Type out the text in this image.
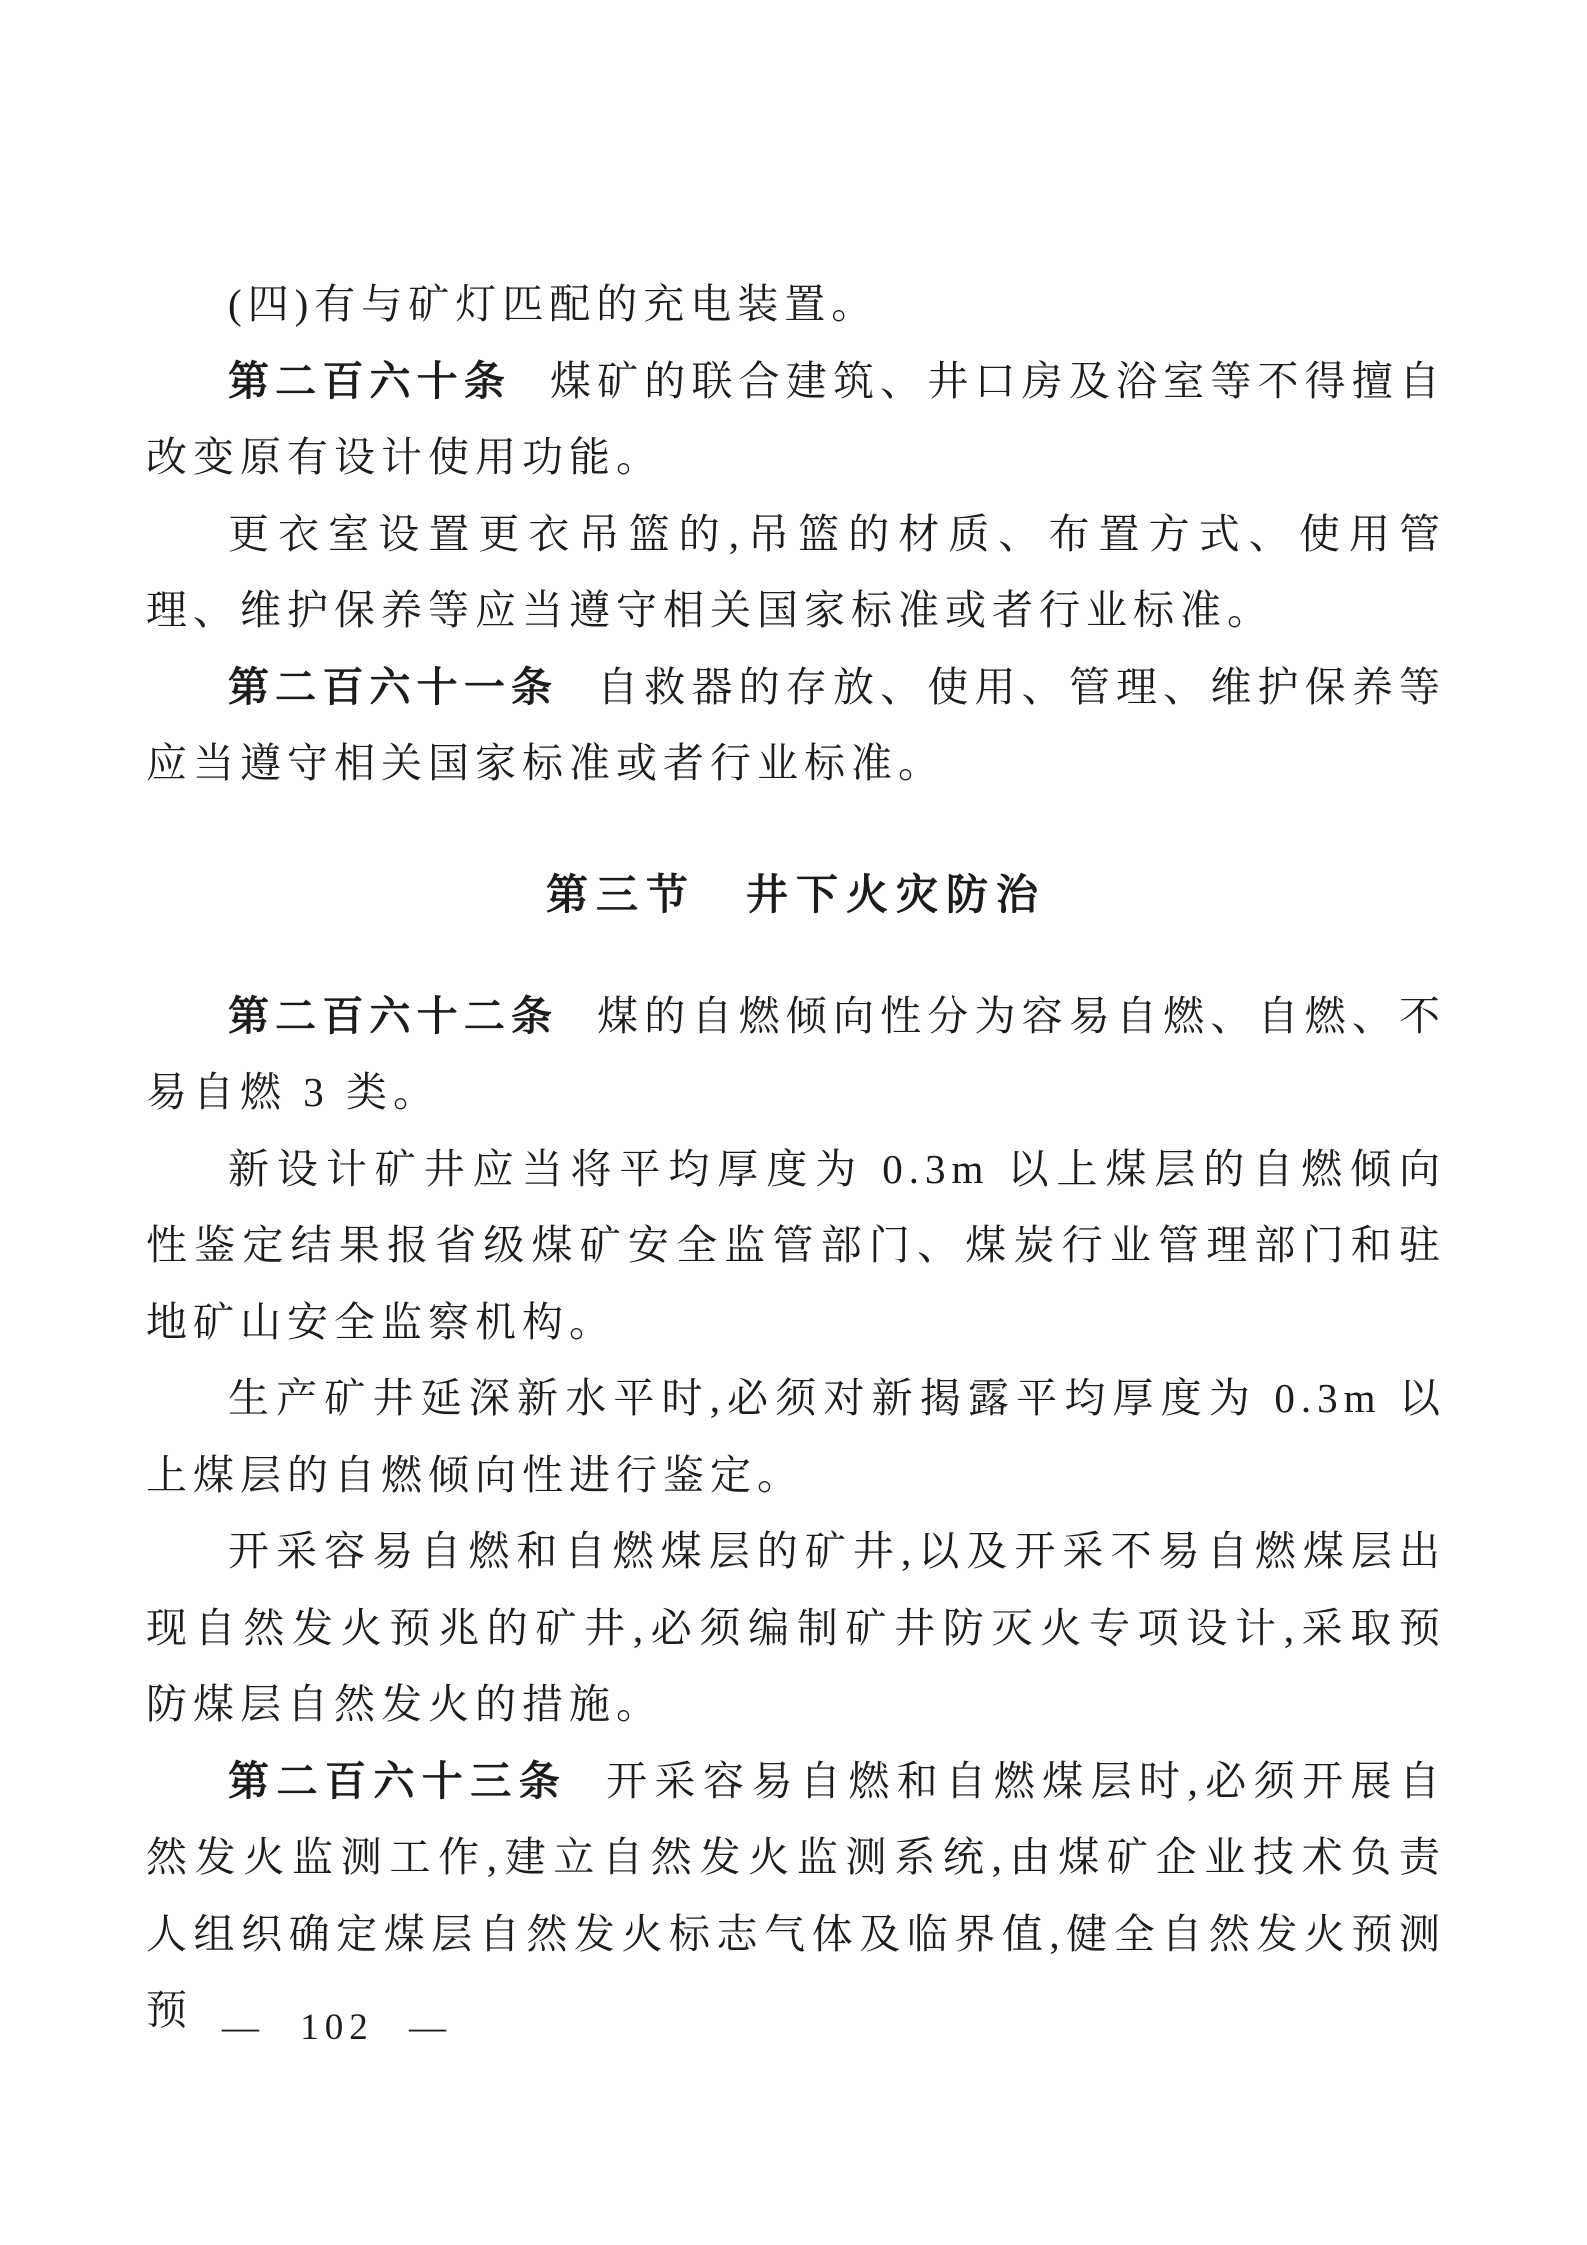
(四)有与矿灯匹配的充电装置。

第二百六十条 煤矿的联合建筑、井口房及浴室等不得擅自改变原有设计使用功能。

更衣室设置更衣吊篮的,吊篮的材质、布置方式、使用管理、维护保养等应当遵守相关国家标准或者行业标准。

第二百六十一条 自救器的存放、使用、管理、维护保养等应当遵守相关国家标准或者行业标准。

第三节　井下火灾防治

第二百六十二条 煤的自燃倾向性分为容易自燃、自燃、不易自燃 3 类。

新设计矿井应当将平均厚度为 0.3m 以上煤层的自燃倾向性鉴定结果报省级煤矿安全监管部门、煤炭行业管理部门和驻地矿山安全监察机构。

生产矿井延深新水平时,必须对新揭露平均厚度为 0.3m 以上煤层的自燃倾向性进行鉴定。

开采容易自燃和自燃煤层的矿井,以及开采不易自燃煤层出现自然发火预兆的矿井,必须编制矿井防灭火专项设计,采取预防煤层自然发火的措施。

第二百六十三条 开采容易自燃和自燃煤层时,必须开展自然发火监测工作,建立自然发火监测系统,由煤矿企业技术负责人组织确定煤层自然发火标志气体及临界值,健全自然发火预测预 — 102 —
